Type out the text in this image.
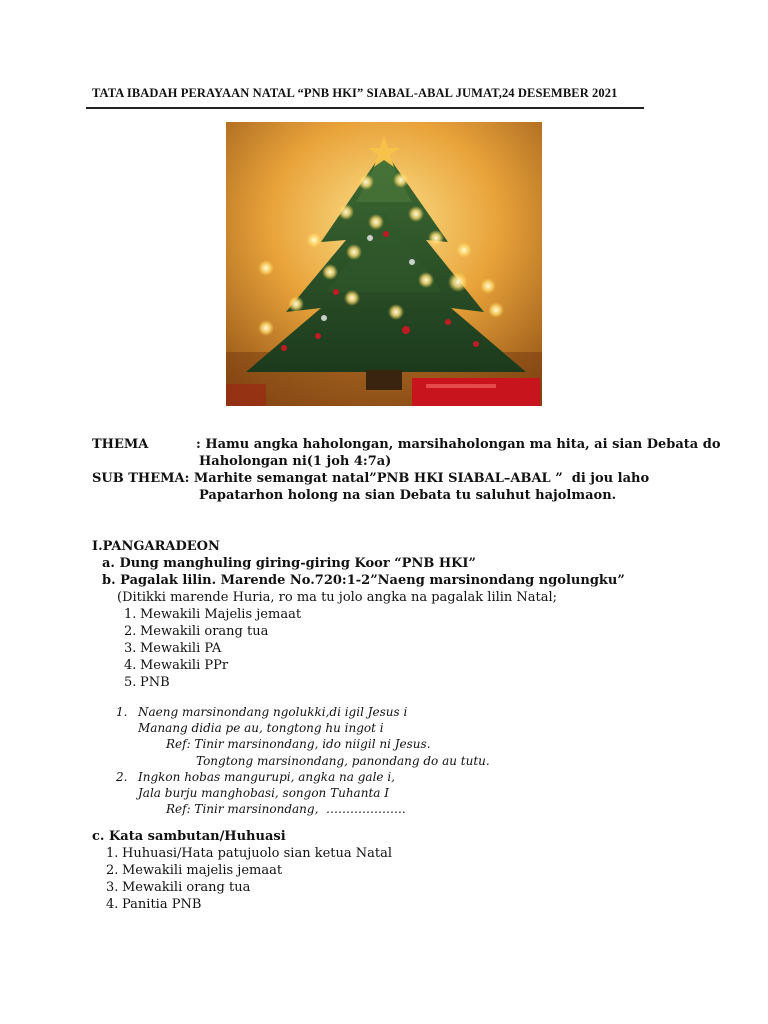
TATA IBADAH PERAYAAN NATAL “PNB HKI” SIABAL-ABAL JUMAT,24 DESEMBER 2021
THEMA	: Hamu angka haholongan, marsihaholongan ma hita, ai sian Debata do
Haholongan ni(1 joh 4:7a)
SUB THEMA: Marhite semangat natal”PNB HKI SIABAL–ABAL ”  di jou laho
Papatarhon holong na sian Debata tu saluhut hajolmaon.
I.PANGARADEON
a. Dung manghuling giring-giring Koor “PNB HKI”
b. Pagalak lilin. Marende No.720:1-2”Naeng marsinondang ngolungku”
(Ditikki marende Huria, ro ma tu jolo angka na pagalak lilin Natal;
1. Mewakili Majelis jemaat
2. Mewakili orang tua
3. Mewakili PA
4. Mewakili PPr
5. PNB
1. Naeng marsinondang ngolukki,di igil Jesus i
Manang didia pe au, tongtong hu ingot i
Ref: Tinir marsinondang, ido niigil ni Jesus.
Tongtong marsinondang, panondang do au tutu.
2. Ingkon hobas mangurupi, angka na gale i,
Jala burju manghobasi, songon Tuhanta I
Ref: Tinir marsinondang,  ………………..
c. Kata sambutan/Huhuasi
1. Huhuasi/Hata patujuolo sian ketua Natal
2. Mewakili majelis jemaat
3. Mewakili orang tua
4. Panitia PNB
